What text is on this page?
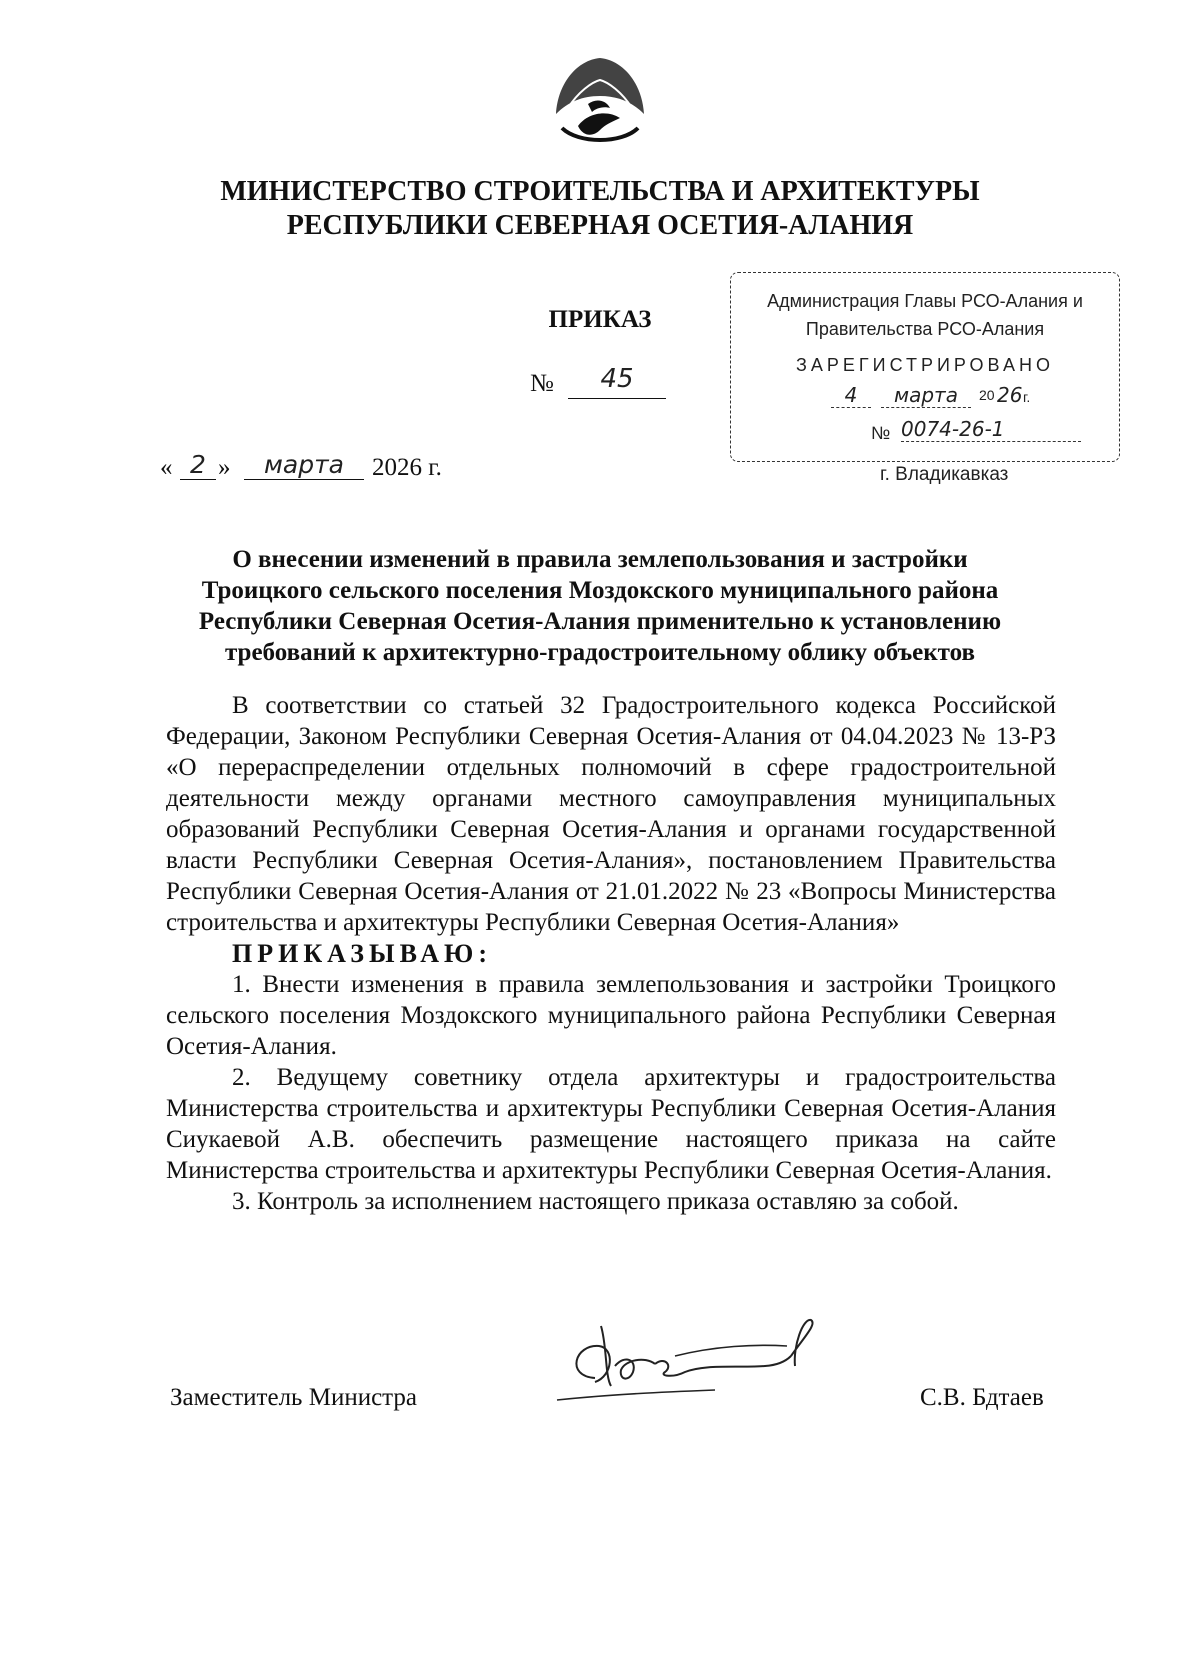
МИНИСТЕРСТВО СТРОИТЕЛЬСТВА И АРХИТЕКТУРЫ
РЕСПУБЛИКИ СЕВЕРНАЯ ОСЕТИЯ-АЛАНИЯ
ПРИКАЗ
№	45
« 2 »	марта	2026 г.
Администрация Главы РСО-Алания и
Правительства РСО-Алания
ЗАРЕГИСТРИРОВАНО
4	марта	20 26 г.
№ 0074-26-1
г. Владикавказ
О внесении изменений в правила землепользования и застройки
Троицкого сельского поселения Моздокского муниципального района
Республики Северная Осетия-Алания применительно к установлению
требований к архитектурно-градостроительному облику объектов
В соответствии со статьей 32 Градостроительного кодекса Российской Федерации, Законом Республики Северная Осетия-Алания от 04.04.2023 № 13-РЗ «О перераспределении отдельных полномочий в сфере градостроительной деятельности между органами местного самоуправления муниципальных образований Республики Северная Осетия-Алания и органами государственной власти Республики Северная Осетия-Алания», постановлением Правительства Республики Северная Осетия-Алания от 21.01.2022 № 23 «Вопросы Министерства строительства и архитектуры Республики Северная Осетия-Алания»
ПРИКАЗЫВАЮ:
1. Внести изменения в правила землепользования и застройки Троицкого сельского поселения Моздокского муниципального района Республики Северная Осетия-Алания.
2. Ведущему советнику отдела архитектуры и градостроительства Министерства строительства и архитектуры Республики Северная Осетия-Алания Сиукаевой А.В. обеспечить размещение настоящего приказа на сайте Министерства строительства и архитектуры Республики Северная Осетия-Алания.
3. Контроль за исполнением настоящего приказа оставляю за собой.
Заместитель Министра	С.В. Бдтаев
